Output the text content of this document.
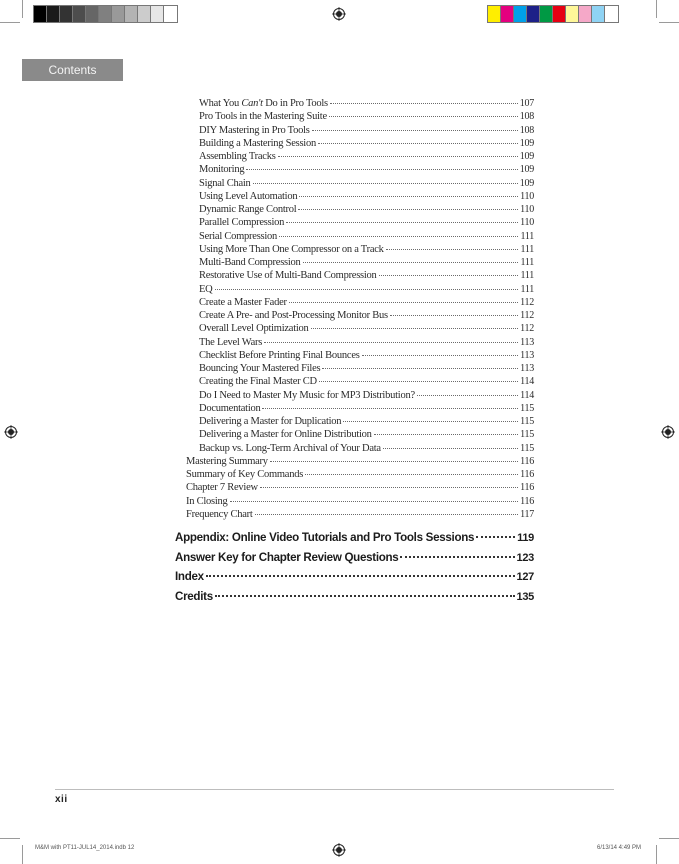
Contents
What You Can't Do in Pro Tools	107
Pro Tools in the Mastering Suite	108
DIY Mastering in Pro Tools	108
Building a Mastering Session	109
Assembling Tracks	109
Monitoring	109
Signal Chain	109
Using Level Automation	110
Dynamic Range Control	110
Parallel Compression	110
Serial Compression	111
Using More Than One Compressor on a Track	111
Multi-Band Compression	111
Restorative Use of Multi-Band Compression	111
EQ	111
Create a Master Fader	112
Create A Pre- and Post-Processing Monitor Bus	112
Overall Level Optimization	112
The Level Wars	113
Checklist Before Printing Final Bounces	113
Bouncing Your Mastered Files	113
Creating the Final Master CD	114
Do I Need to Master My Music for MP3 Distribution?	114
Documentation	115
Delivering a Master for Duplication	115
Delivering a Master for Online Distribution	115
Backup vs. Long-Term Archival of Your Data	115
Mastering Summary	116
Summary of Key Commands	116
Chapter 7 Review	116
In Closing	116
Frequency Chart	117
Appendix: Online Video Tutorials and Pro Tools Sessions	119
Answer Key for Chapter Review Questions	123
Index	127
Credits	135
xii
M&M with PT11-JUL14_2014.indb 12	6/13/14 4:49 PM
